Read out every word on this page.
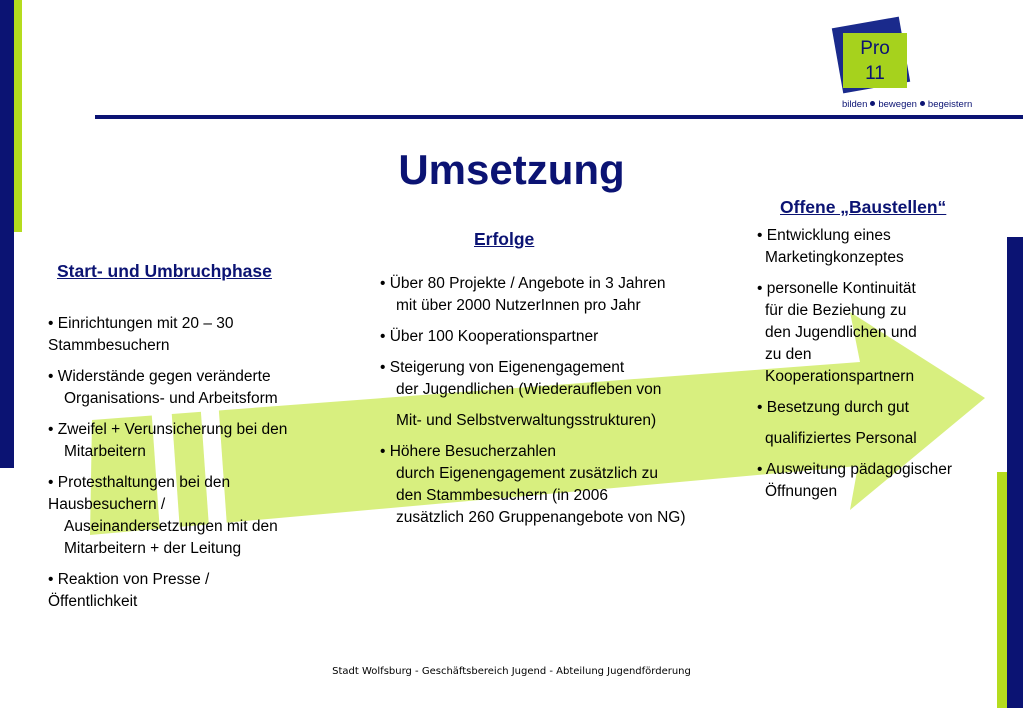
Pro
11
bilden bewegen begeistern
Umsetzung
Start- und Umbruchphase
Erfolge
Offene „Baustellen“
• Einrichtungen mit 20 – 30
Stammbesuchern
• Widerstände gegen veränderte
Organisations- und Arbeitsform
• Zweifel + Verunsicherung bei den
Mitarbeitern
• Protesthaltungen bei den
Hausbesuchern /
Auseinandersetzungen mit den
Mitarbeitern + der Leitung
• Reaktion von Presse /
Öffentlichkeit
• Über 80 Projekte / Angebote in 3 Jahren
mit über 2000 NutzerInnen pro Jahr
• Über 100 Kooperationspartner
• Steigerung von Eigenengagement
der Jugendlichen (Wiederaufleben von
Mit- und Selbstverwaltungsstrukturen)
• Höhere Besucherzahlen
durch Eigenengagement zusätzlich zu
den Stammbesuchern (in 2006
zusätzlich 260 Gruppenangebote von NG)
• Entwicklung eines
Marketingkonzeptes
• personelle Kontinuität
für die Beziehung zu
den Jugendlichen und
zu den
Kooperationspartnern
• Besetzung durch gut
qualifiziertes Personal
• Ausweitung pädagogischer
Öffnungen
Stadt Wolfsburg - Geschäftsbereich Jugend - Abteilung Jugendförderung
